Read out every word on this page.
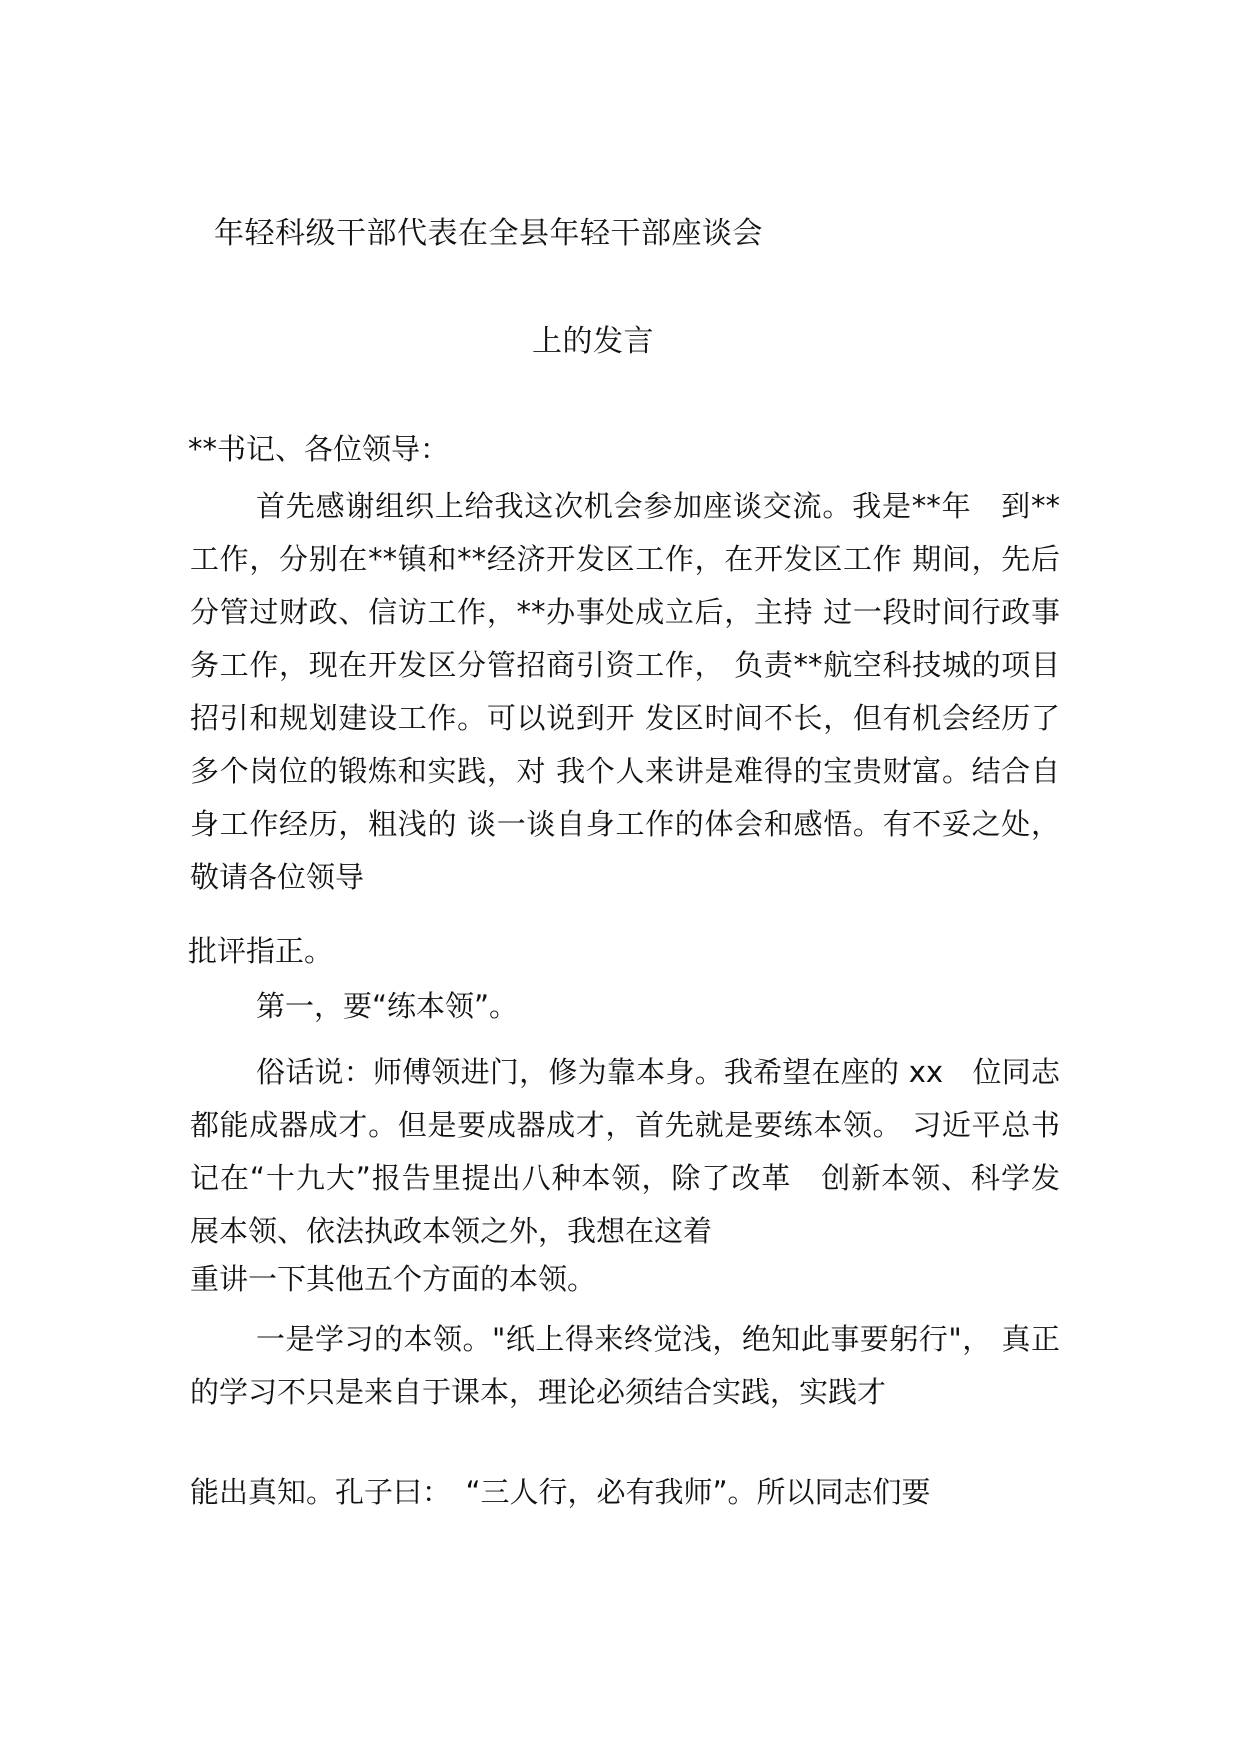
年轻科级干部代表在全县年轻干部座谈会
上的发言

**书记、各位领导：

首先感谢组织上给我这次机会参加座谈交流。我是**年　到**工作，分别在**镇和**经济开发区工作，在开发区工作 期间，先后分管过财政、信访工作，**办事处成立后，主持 过一段时间行政事务工作，现在开发区分管招商引资工作， 负责**航空科技城的项目招引和规划建设工作。可以说到开 发区时间不长，但有机会经历了多个岗位的锻炼和实践，对 我个人来讲是难得的宝贵财富。结合自身工作经历，粗浅的 谈一谈自身工作的体会和感悟。有不妥之处，敬请各位领导

批评指正。

第一，要“练本领”。

俗话说：师傅领进门，修为靠本身。我希望在座的 xx　位同志都能成器成才。但是要成器成才，首先就是要练本领。 习近平总书记在“十九大”报告里提出八种本领，除了改革　创新本领、科学发展本领、依法执政本领之外，我想在这着

重讲一下其他五个方面的本领。

一是学习的本领。"纸上得来终觉浅，绝知此事要躬行"， 真正的学习不只是来自于课本，理论必须结合实践，实践才

能出真知。孔子曰：　“三人行，必有我师”。所以同志们要
